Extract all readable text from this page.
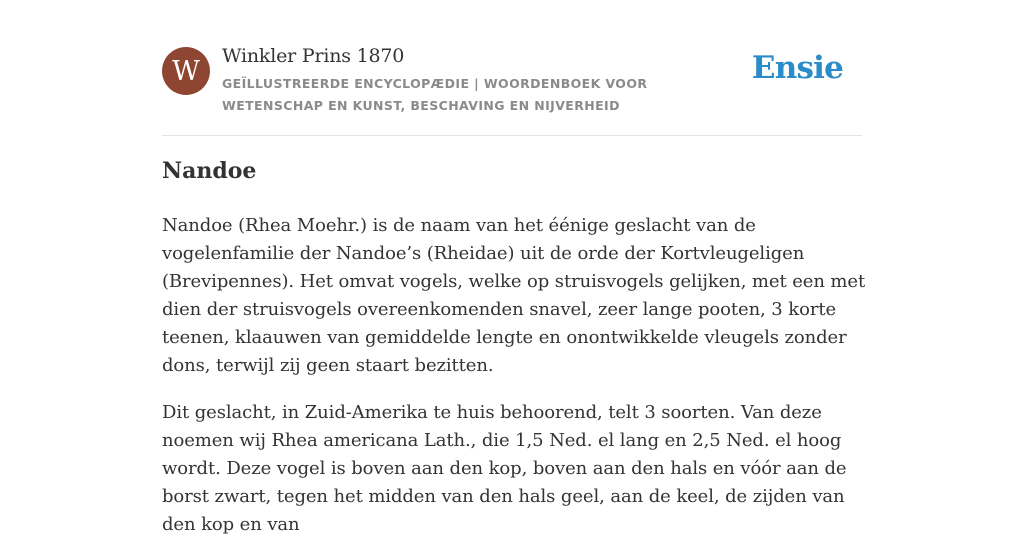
W	Winkler Prins 1870
GEÏLLUSTREERDE ENCYCLOPÆDIE | WOORDENBOEK VOOR WETENSCHAP EN KUNST, BESCHAVING EN NIJVERHEID
Ensie
Nandoe

Nandoe (Rhea Moehr.) is de naam van het éénige geslacht van de vogelenfamilie der Nandoe’s (Rheidae) uit de orde der Kortvleugeligen (Brevipennes). Het omvat vogels, welke op struisvogels gelijken, met een met dien der struisvogels overeenkomenden snavel, zeer lange pooten, 3 korte teenen, klaauwen van gemiddelde lengte en onontwikkelde vleugels zonder dons, terwijl zij geen staart bezitten.

Dit geslacht, in Zuid-Amerika te huis behoorend, telt 3 soorten. Van deze noemen wij Rhea americana Lath., die 1,5 Ned. el lang en 2,5 Ned. el hoog wordt. Deze vogel is boven aan den kop, boven aan den hals en vóór aan de borst zwart, tegen het midden van den hals geel, aan de keel, de zijden van den kop en van
